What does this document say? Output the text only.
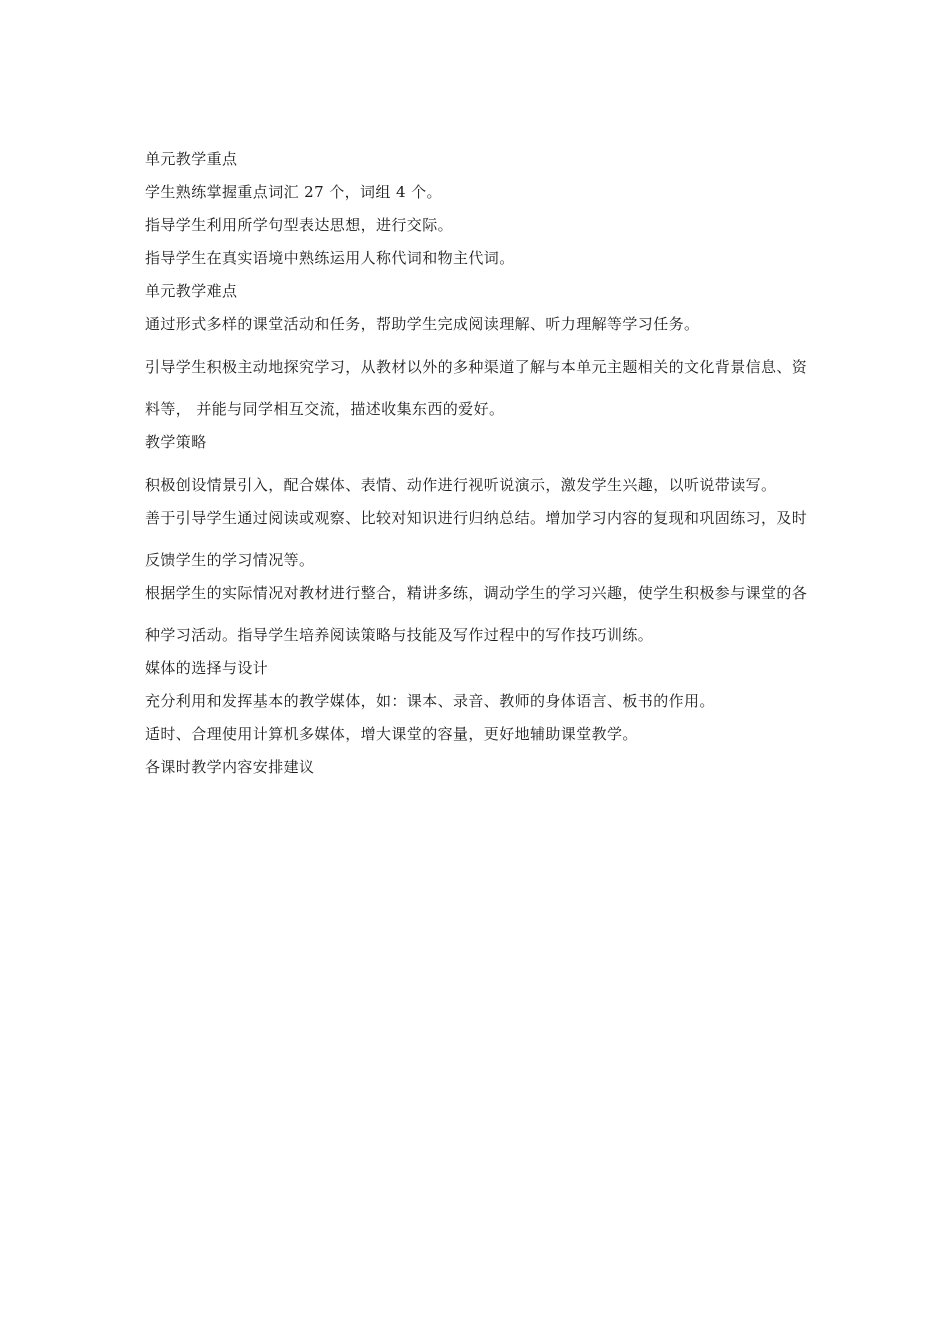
单元教学重点
学生熟练掌握重点词汇 27 个，词组 4 个。
指导学生利用所学句型表达思想，进行交际。
指导学生在真实语境中熟练运用人称代词和物主代词。
单元教学难点
通过形式多样的课堂活动和任务，帮助学生完成阅读理解、听力理解等学习任务。
引导学生积极主动地探究学习，从教材以外的多种渠道了解与本单元主题相关的文化背景信息、资料等， 并能与同学相互交流，描述收集东西的爱好。
教学策略
积极创设情景引入，配合媒体、表情、动作进行视听说演示，激发学生兴趣，以听说带读写。
善于引导学生通过阅读或观察、比较对知识进行归纳总结。增加学习内容的复现和巩固练习，及时反馈学生的学习情况等。
根据学生的实际情况对教材进行整合，精讲多练，调动学生的学习兴趣，使学生积极参与课堂的各种学习活动。指导学生培养阅读策略与技能及写作过程中的写作技巧训练。
媒体的选择与设计
充分利用和发挥基本的教学媒体，如：课本、录音、教师的身体语言、板书的作用。
适时、合理使用计算机多媒体，增大课堂的容量，更好地辅助课堂教学。
各课时教学内容安排建议
